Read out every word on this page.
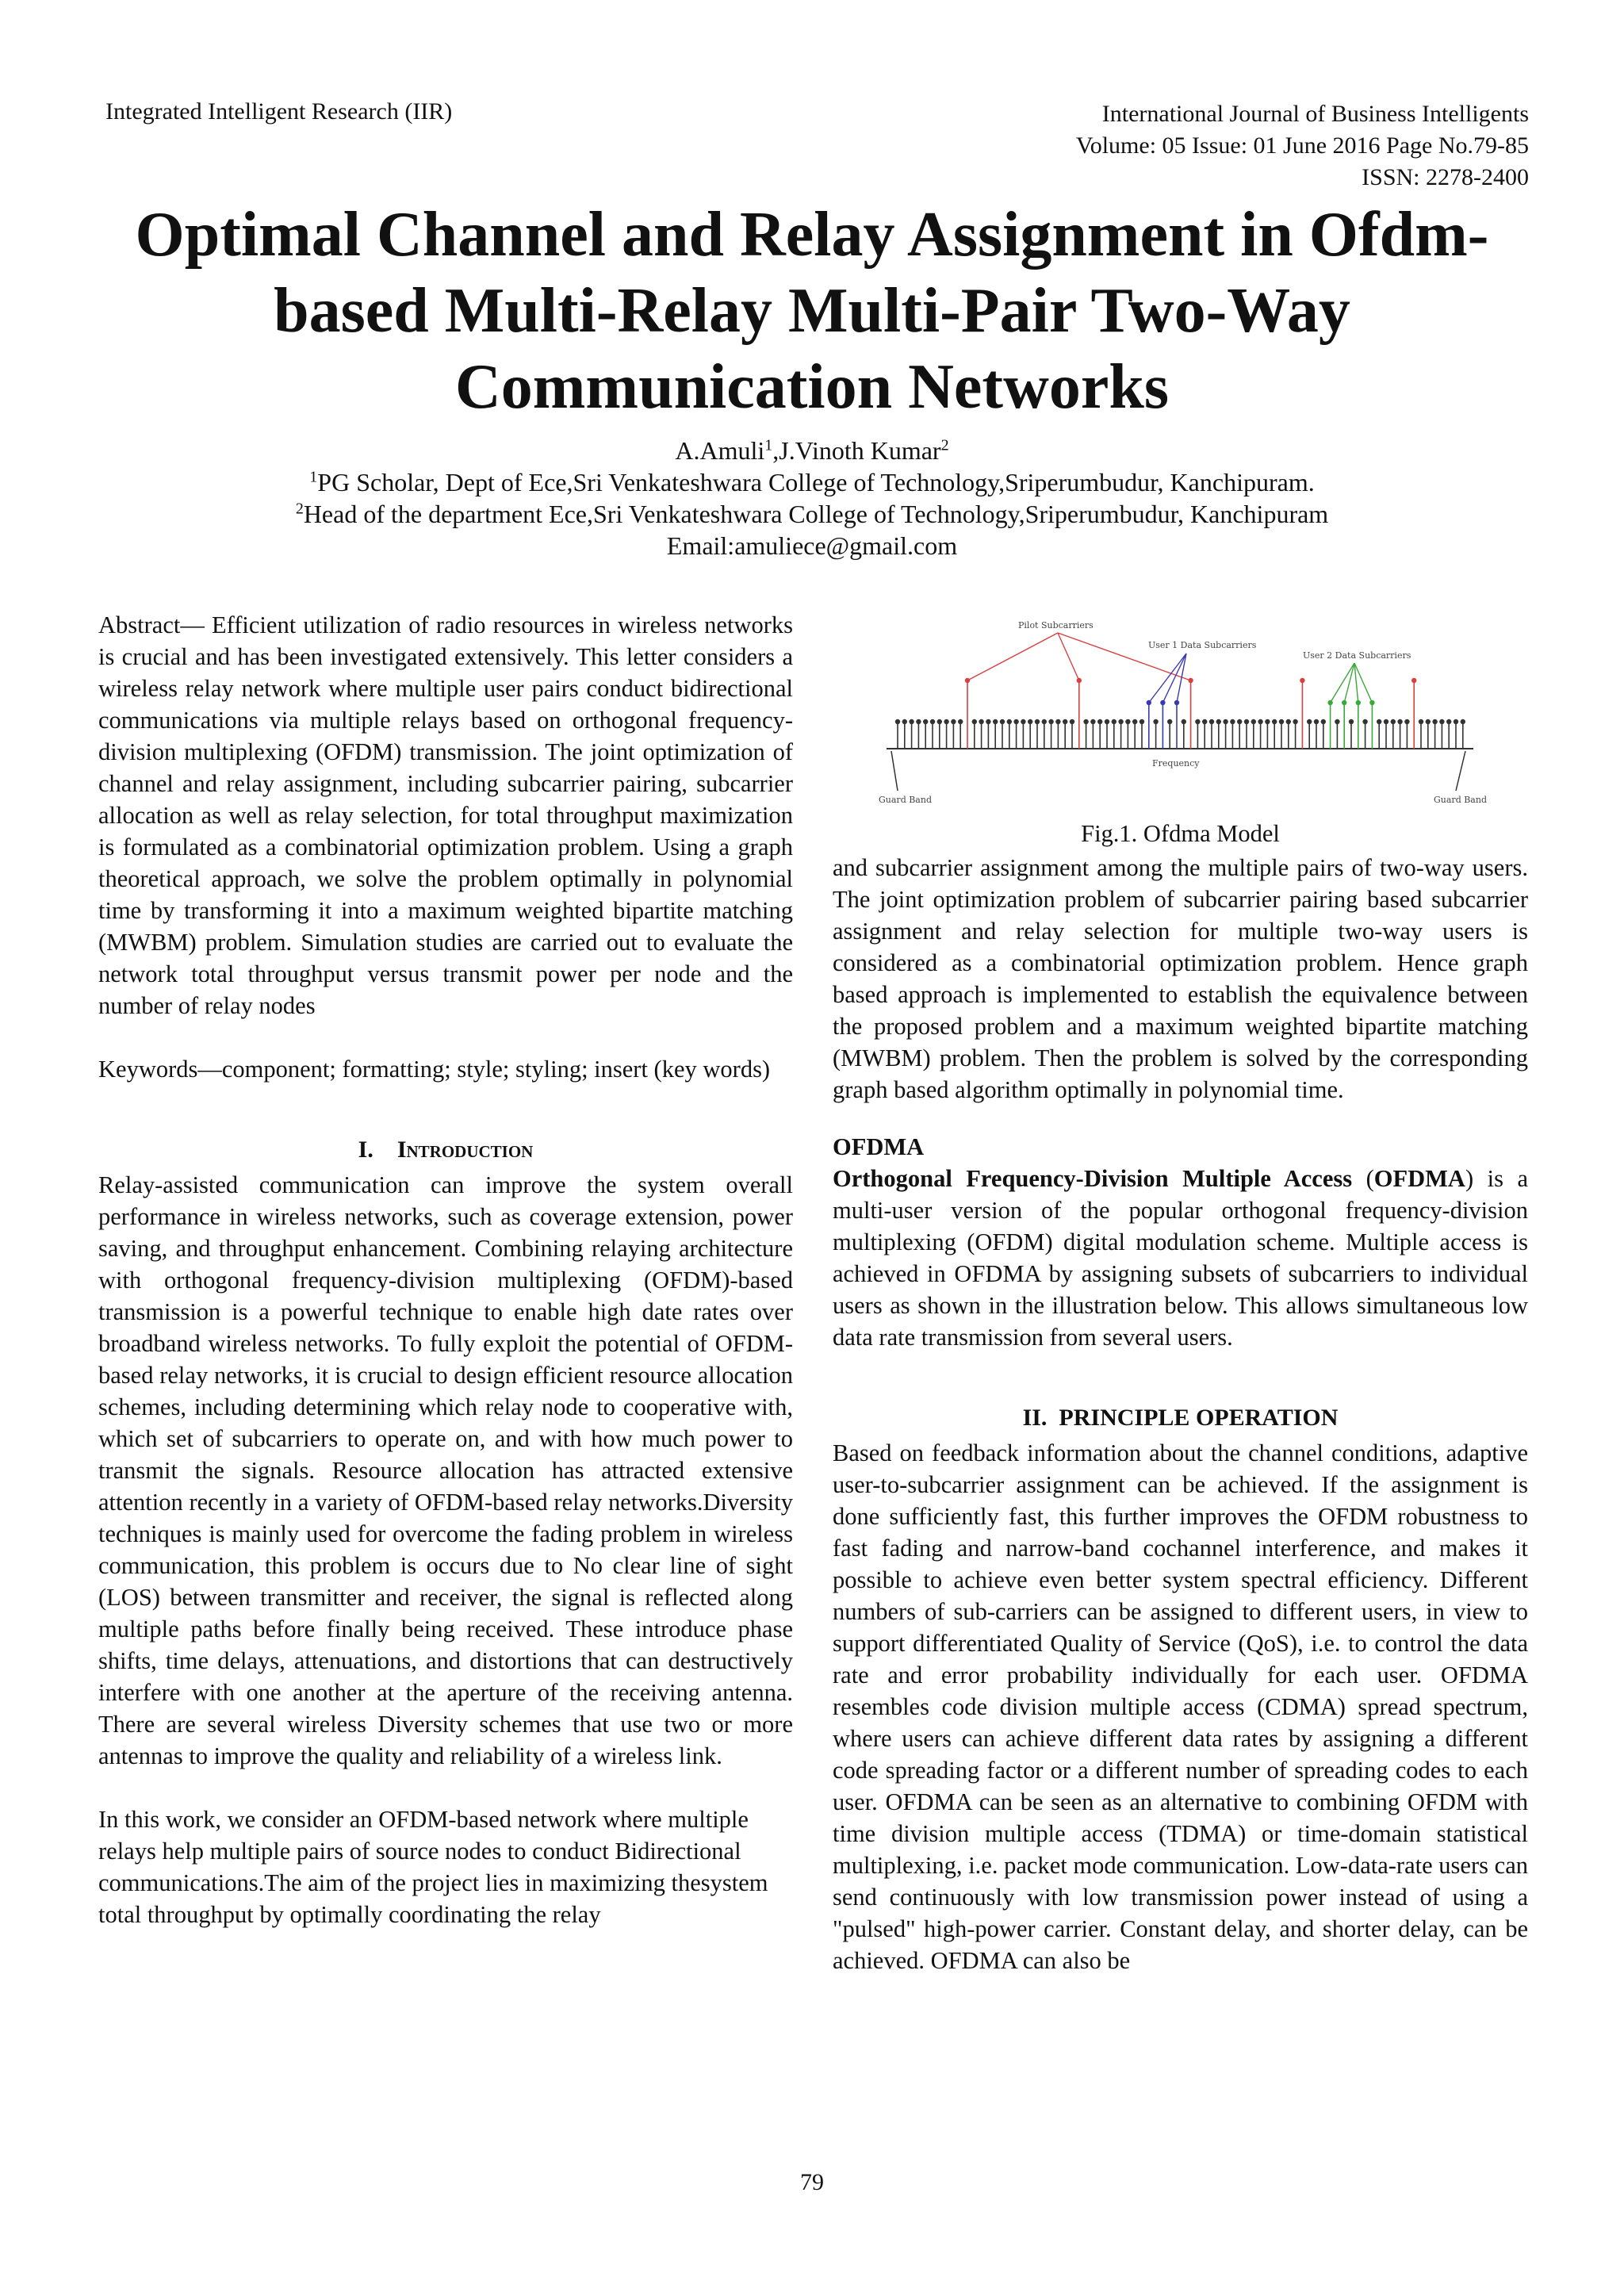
Integrated Intelligent Research (IIR)	International Journal of Business Intelligents
Volume: 05 Issue: 01 June 2016 Page No.79-85
ISSN: 2278-2400
Optimal Channel and Relay Assignment in Ofdm-
based Multi-Relay Multi-Pair Two-Way
Communication Networks
A.Amuli$^1$,J.Vinoth Kumar$^2$
$^1$PG Scholar, Dept of Ece,Sri Venkateshwara College of Technology,Sriperumbudur, Kanchipuram.
$^2$Head of the department Ece,Sri Venkateshwara College of Technology,Sriperumbudur, Kanchipuram
Email:amuliece@gmail.com

Abstract— Efficient utilization of radio resources in wireless networks is crucial and has been investigated extensively. This letter considers a wireless relay network where multiple user pairs conduct bidirectional communications via multiple relays based on orthogonal frequency-division multiplexing (OFDM) transmission. The joint optimization of channel and relay assignment, including subcarrier pairing, subcarrier allocation as well as relay selection, for total throughput maximization is formulated as a combinatorial optimization problem. Using a graph theoretical approach, we solve the problem optimally in polynomial time by transforming it into a maximum weighted bipartite matching (MWBM) problem. Simulation studies are carried out to evaluate the network total throughput versus transmit power per node and the number of relay nodes

Keywords—component; formatting; style; styling; insert (key words)

I. Introduction

Relay-assisted communication can improve the system overall performance in wireless networks, such as coverage extension, power saving, and throughput enhancement. Combining relaying architecture with orthogonal frequency-division multiplexing (OFDM)-based transmission is a powerful technique to enable high date rates over broadband wireless networks. To fully exploit the potential of OFDM-based relay networks, it is crucial to design efficient resource allocation schemes, including determining which relay node to cooperative with, which set of subcarriers to operate on, and with how much power to transmit the signals. Resource allocation has attracted extensive attention recently in a variety of OFDM-based relay networks.Diversity techniques is mainly used for overcome the fading problem in wireless communication, this problem is occurs due to No clear line of sight (LOS) between transmitter and receiver, the signal is reflected along multiple paths before finally being received. These introduce phase shifts, time delays, attenuations, and distortions that can destructively interfere with one another at the aperture of the receiving antenna. There are several wireless Diversity schemes that use two or more antennas to improve the quality and reliability of a wireless link.

In this work, we consider an OFDM-based network where multiple relays help multiple pairs of source nodes to conduct Bidirectional communications.The aim of the project lies in maximizing thesystem total throughput by optimally coordinating the relay

Pilot Subcarriers
User 1 Data Subcarriers
User 2 Data Subcarriers
Frequency
Guard Band	Guard Band
Fig.1. Ofdma Model

and subcarrier assignment among the multiple pairs of two-way users. The joint optimization problem of subcarrier pairing based subcarrier assignment and relay selection for multiple two-way users is considered as a combinatorial optimization problem. Hence graph based approach is implemented to establish the equivalence between the proposed problem and a maximum weighted bipartite matching (MWBM) problem. Then the problem is solved by the corresponding graph based algorithm optimally in polynomial time.

OFDMA

Orthogonal Frequency-Division Multiple Access (OFDMA) is a multi-user version of the popular orthogonal frequency-division multiplexing (OFDM) digital modulation scheme. Multiple access is achieved in OFDMA by assigning subsets of subcarriers to individual users as shown in the illustration below. This allows simultaneous low data rate transmission from several users.

II.  PRINCIPLE OPERATION

Based on feedback information about the channel conditions, adaptive user-to-subcarrier assignment can be achieved. If the assignment is done sufficiently fast, this further improves the OFDM robustness to fast fading and narrow-band cochannel interference, and makes it possible to achieve even better system spectral efficiency. Different numbers of sub-carriers can be assigned to different users, in view to support differentiated Quality of Service (QoS), i.e. to control the data rate and error probability individually for each user. OFDMA resembles code division multiple access (CDMA) spread spectrum, where users can achieve different data rates by assigning a different code spreading factor or a different number of spreading codes to each user. OFDMA can be seen as an alternative to combining OFDM with time division multiple access (TDMA) or time-domain statistical multiplexing, i.e. packet mode communication. Low-data-rate users can send continuously with low transmission power instead of using a "pulsed" high-power carrier. Constant delay, and shorter delay, can be achieved. OFDMA can also be

79
